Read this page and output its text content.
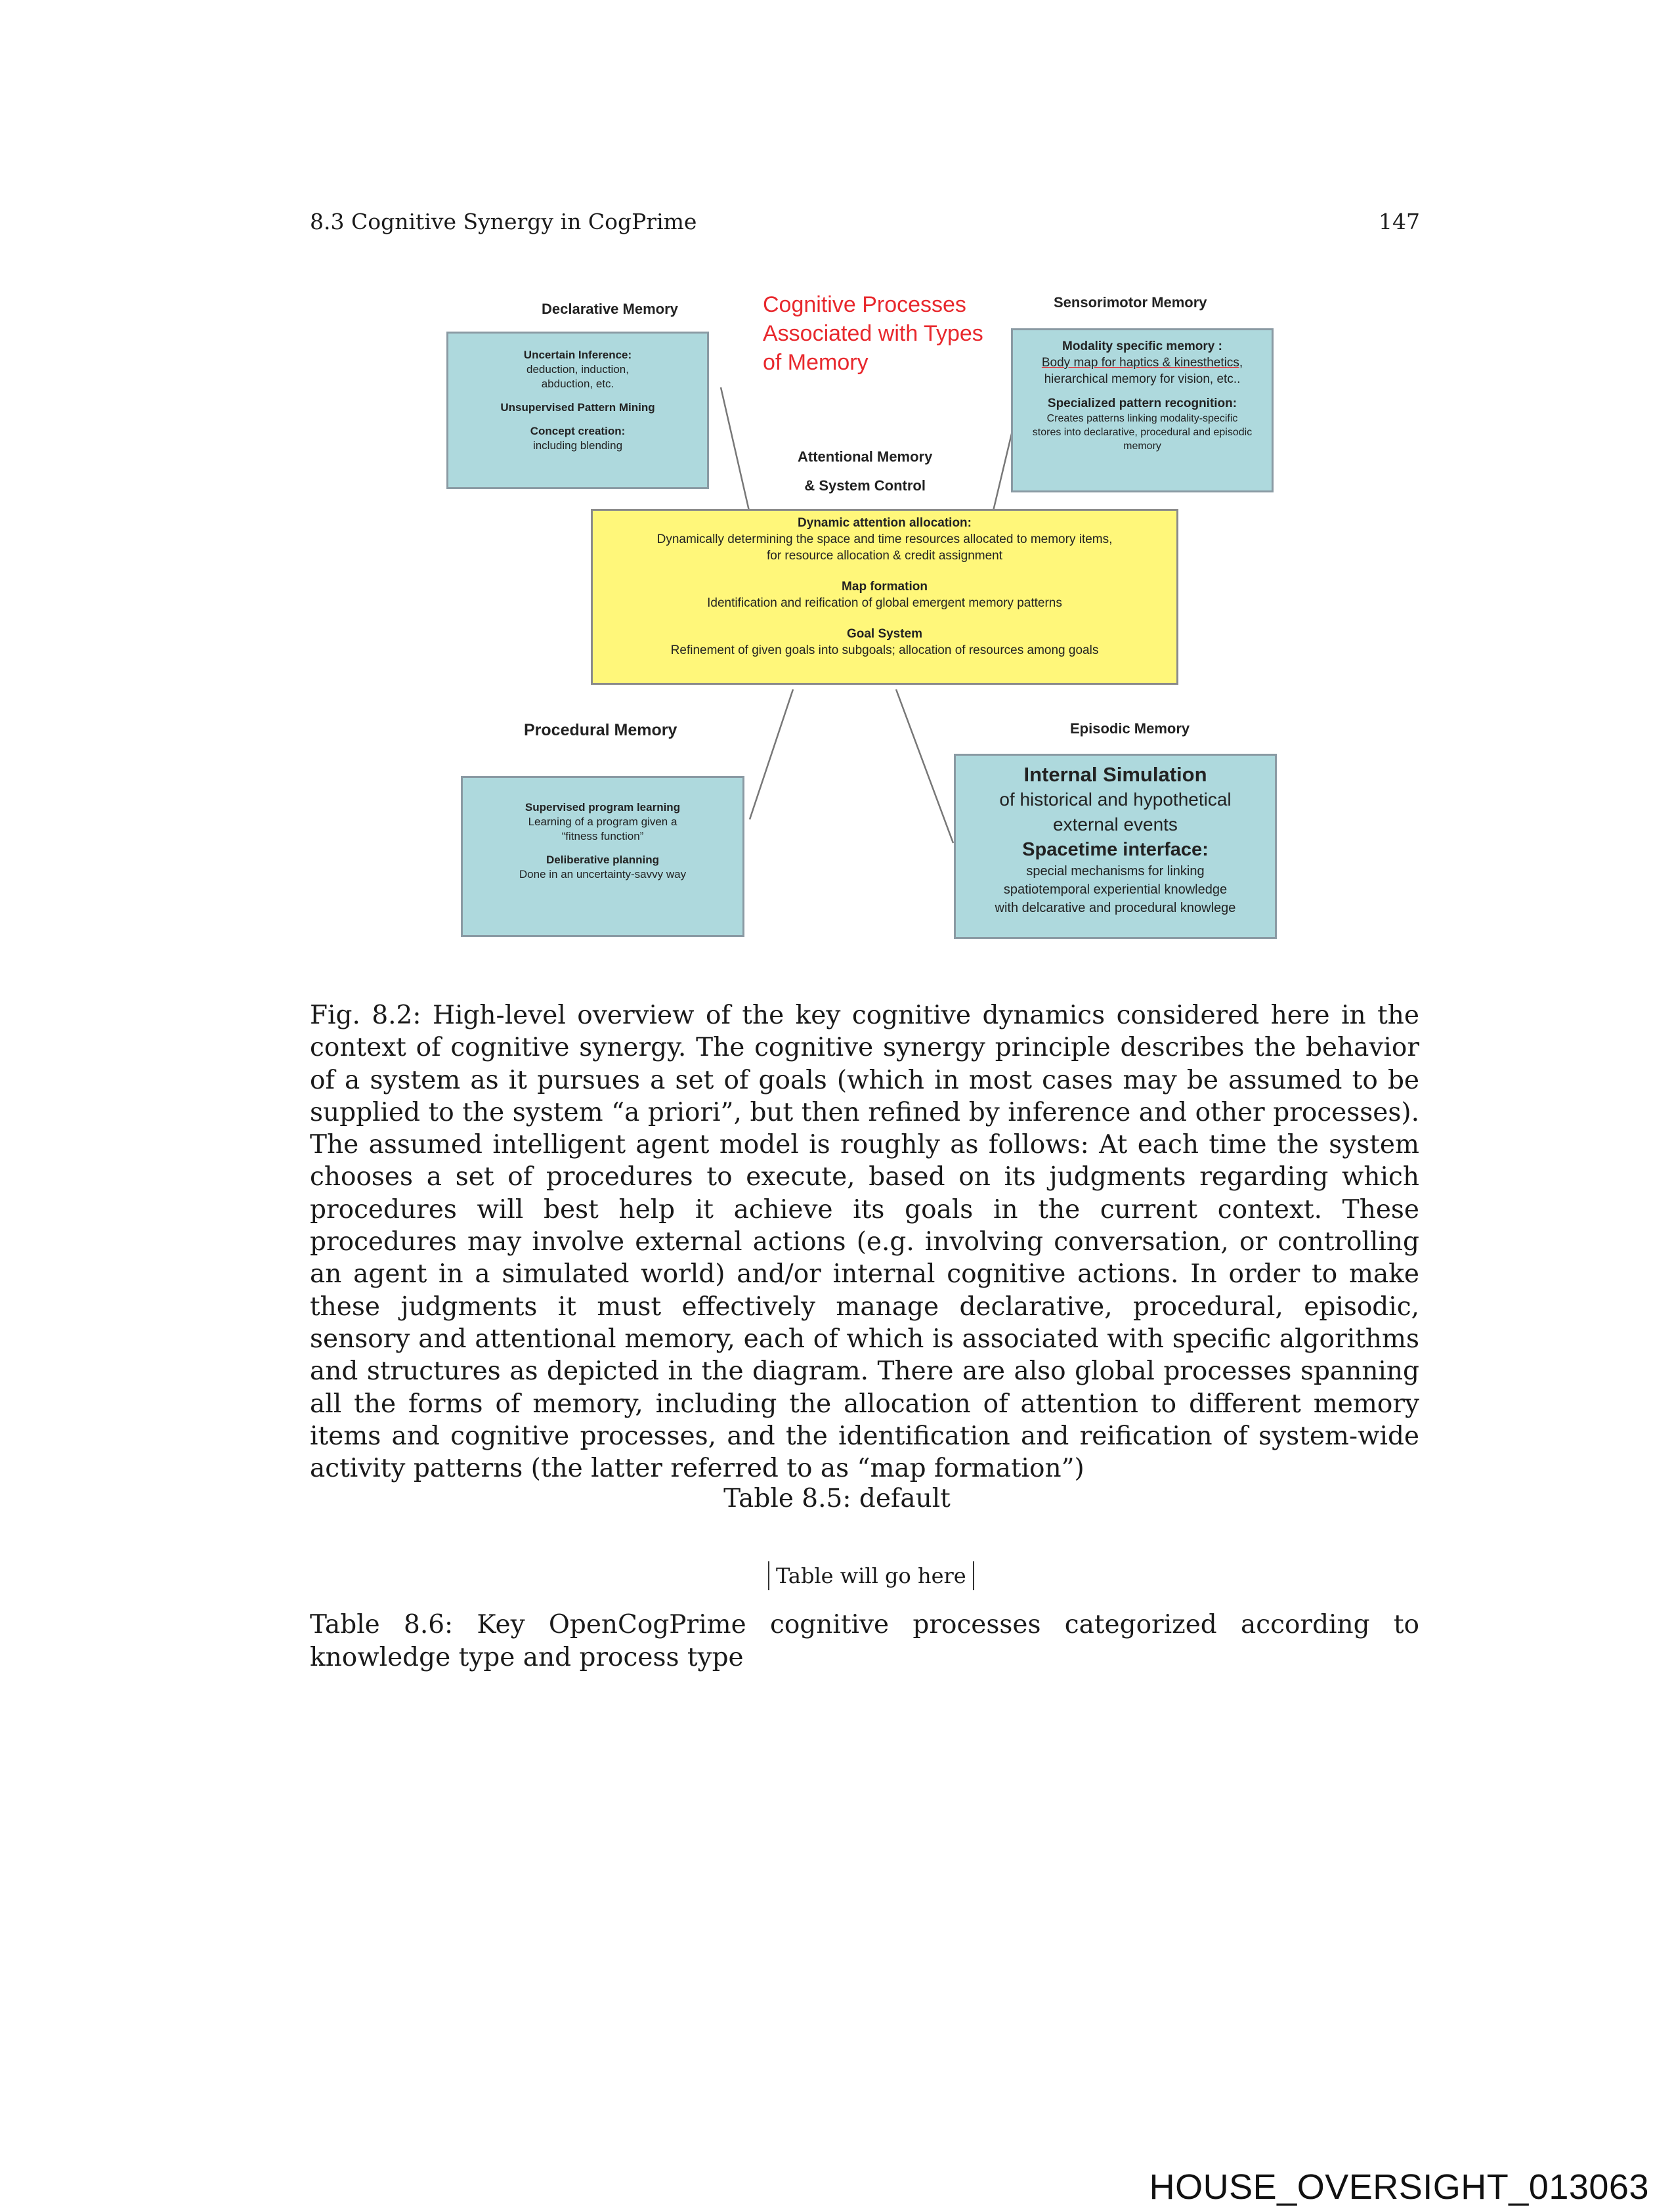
8.3 Cognitive Synergy in CogPrime	147
Cognitive Processes
Associated with Types
of Memory
Declarative Memory
Uncertain Inference:
deduction, induction,
abduction, etc.
Unsupervised Pattern Mining
Concept creation:
including blending
Sensorimotor Memory
Modality specific memory :
Body map for haptics & kinesthetics,
hierarchical memory for vision, etc..
Specialized pattern recognition:
Creates patterns linking modality-specific
stores into declarative, procedural and episodic
memory
Attentional Memory
& System Control
Dynamic attention allocation:
Dynamically determining the space and time resources allocated to memory items,
for resource allocation & credit assignment
Map formation
Identification and reification of global emergent memory patterns
Goal System
Refinement of given goals into subgoals; allocation of resources among goals
Procedural Memory
Supervised program learning
Learning of a program given a
“fitness function”
Deliberative planning
Done in an uncertainty-savvy way
Episodic Memory
Internal Simulation
of historical and hypothetical
external events
Spacetime interface:
special mechanisms for linking
spatiotemporal experiential knowledge
with delcarative and procedural knowlege
Fig. 8.2: High-level overview of the key cognitive dynamics considered here in the context of cognitive synergy. The cognitive synergy principle describes the behavior of a system as it pursues a set of goals (which in most cases may be assumed to be supplied to the system “a priori”, but then refined by inference and other processes). The assumed intelligent agent model is roughly as follows: At each time the system chooses a set of procedures to execute, based on its judgments regarding which procedures will best help it achieve its goals in the current context. These procedures may involve external actions (e.g. involving conversation, or controlling an agent in a simulated world) and/or internal cognitive actions. In order to make these judgments it must effectively manage declarative, procedural, episodic, sensory and attentional memory, each of which is associated with specific algorithms and structures as depicted in the diagram. There are also global processes spanning all the forms of memory, including the allocation of attention to different memory items and cognitive processes, and the identification and reification of system-wide activity patterns (the latter referred to as “map formation”)
Table 8.5: default
Table will go here
Table 8.6: Key OpenCogPrime cognitive processes categorized according to knowledge type and process type
HOUSE_OVERSIGHT_013063
